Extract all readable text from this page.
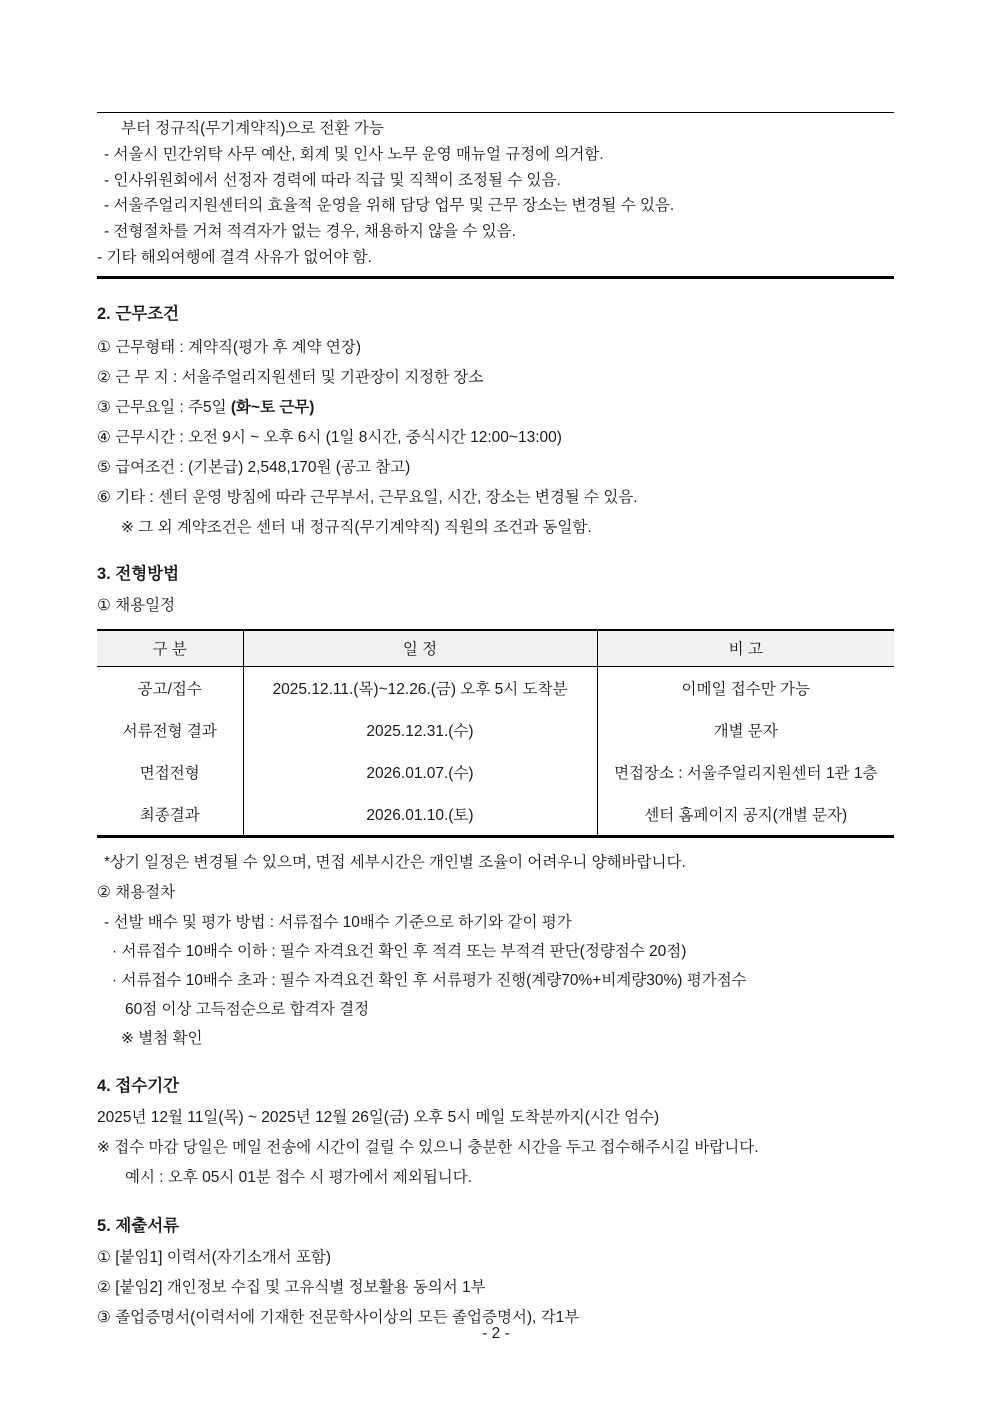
부터 정규직(무기계약직)으로 전환 가능
- 서울시 민간위탁 사무 예산, 회계 및 인사 노무 운영 매뉴얼 규정에 의거함.
- 인사위원회에서 선정자 경력에 따라 직급 및 직책이 조정될 수 있음.
- 서울주얼리지원센터의 효율적 운영을 위해 담당 업무 및 근무 장소는 변경될 수 있음.
- 전형절차를 거쳐 적격자가 없는 경우, 채용하지 않을 수 있음.
- 기타 해외여행에 결격 사유가 없어야 함.
2. 근무조건
① 근무형태 : 계약직(평가 후 계약 연장)
② 근 무 지 : 서울주얼리지원센터 및 기관장이 지정한 장소
③ 근무요일 : 주5일 (화~토 근무)
④ 근무시간 : 오전 9시 ~ 오후 6시 (1일 8시간, 중식시간 12:00~13:00)
⑤ 급여조건 : (기본급) 2,548,170원 (공고 참고)
⑥ 기타 : 센터 운영 방침에 따라 근무부서, 근무요일, 시간, 장소는 변경될 수 있음.
※ 그 외 계약조건은 센터 내 정규직(무기계약직) 직원의 조건과 동일함.
3. 전형방법
① 채용일정
구 분	일 정	비 고
공고/접수	2025.12.11.(목)~12.26.(금) 오후 5시 도착분	이메일 접수만 가능
서류전형 결과	2025.12.31.(수)	개별 문자
면접전형	2026.01.07.(수)	면접장소 : 서울주얼리지원센터 1관 1층
최종결과	2026.01.10.(토)	센터 홈페이지 공지(개별 문자)
*상기 일정은 변경될 수 있으며, 면접 세부시간은 개인별 조율이 어려우니 양해바랍니다.
② 채용절차
- 선발 배수 및 평가 방법 : 서류접수 10배수 기준으로 하기와 같이 평가
· 서류접수 10배수 이하 : 필수 자격요건 확인 후 적격 또는 부적격 판단(정량점수 20점)
· 서류접수 10배수 초과 : 필수 자격요건 확인 후 서류평가 진행(계량70%+비계량30%) 평가점수
60점 이상 고득점순으로 합격자 결정
※ 별첨 확인
4. 접수기간
2025년 12월 11일(목) ~ 2025년 12월 26일(금) 오후 5시 메일 도착분까지(시간 엄수)
※ 접수 마감 당일은 메일 전송에 시간이 걸릴 수 있으니 충분한 시간을 두고 접수해주시길 바랍니다.
예시 : 오후 05시 01분 접수 시 평가에서 제외됩니다.
5. 제출서류
① [붙임1] 이력서(자기소개서 포함)
② [붙임2] 개인정보 수집 및 고유식별 정보활용 동의서 1부
③ 졸업증명서(이력서에 기재한 전문학사이상의 모든 졸업증명서), 각1부
- 2 -
